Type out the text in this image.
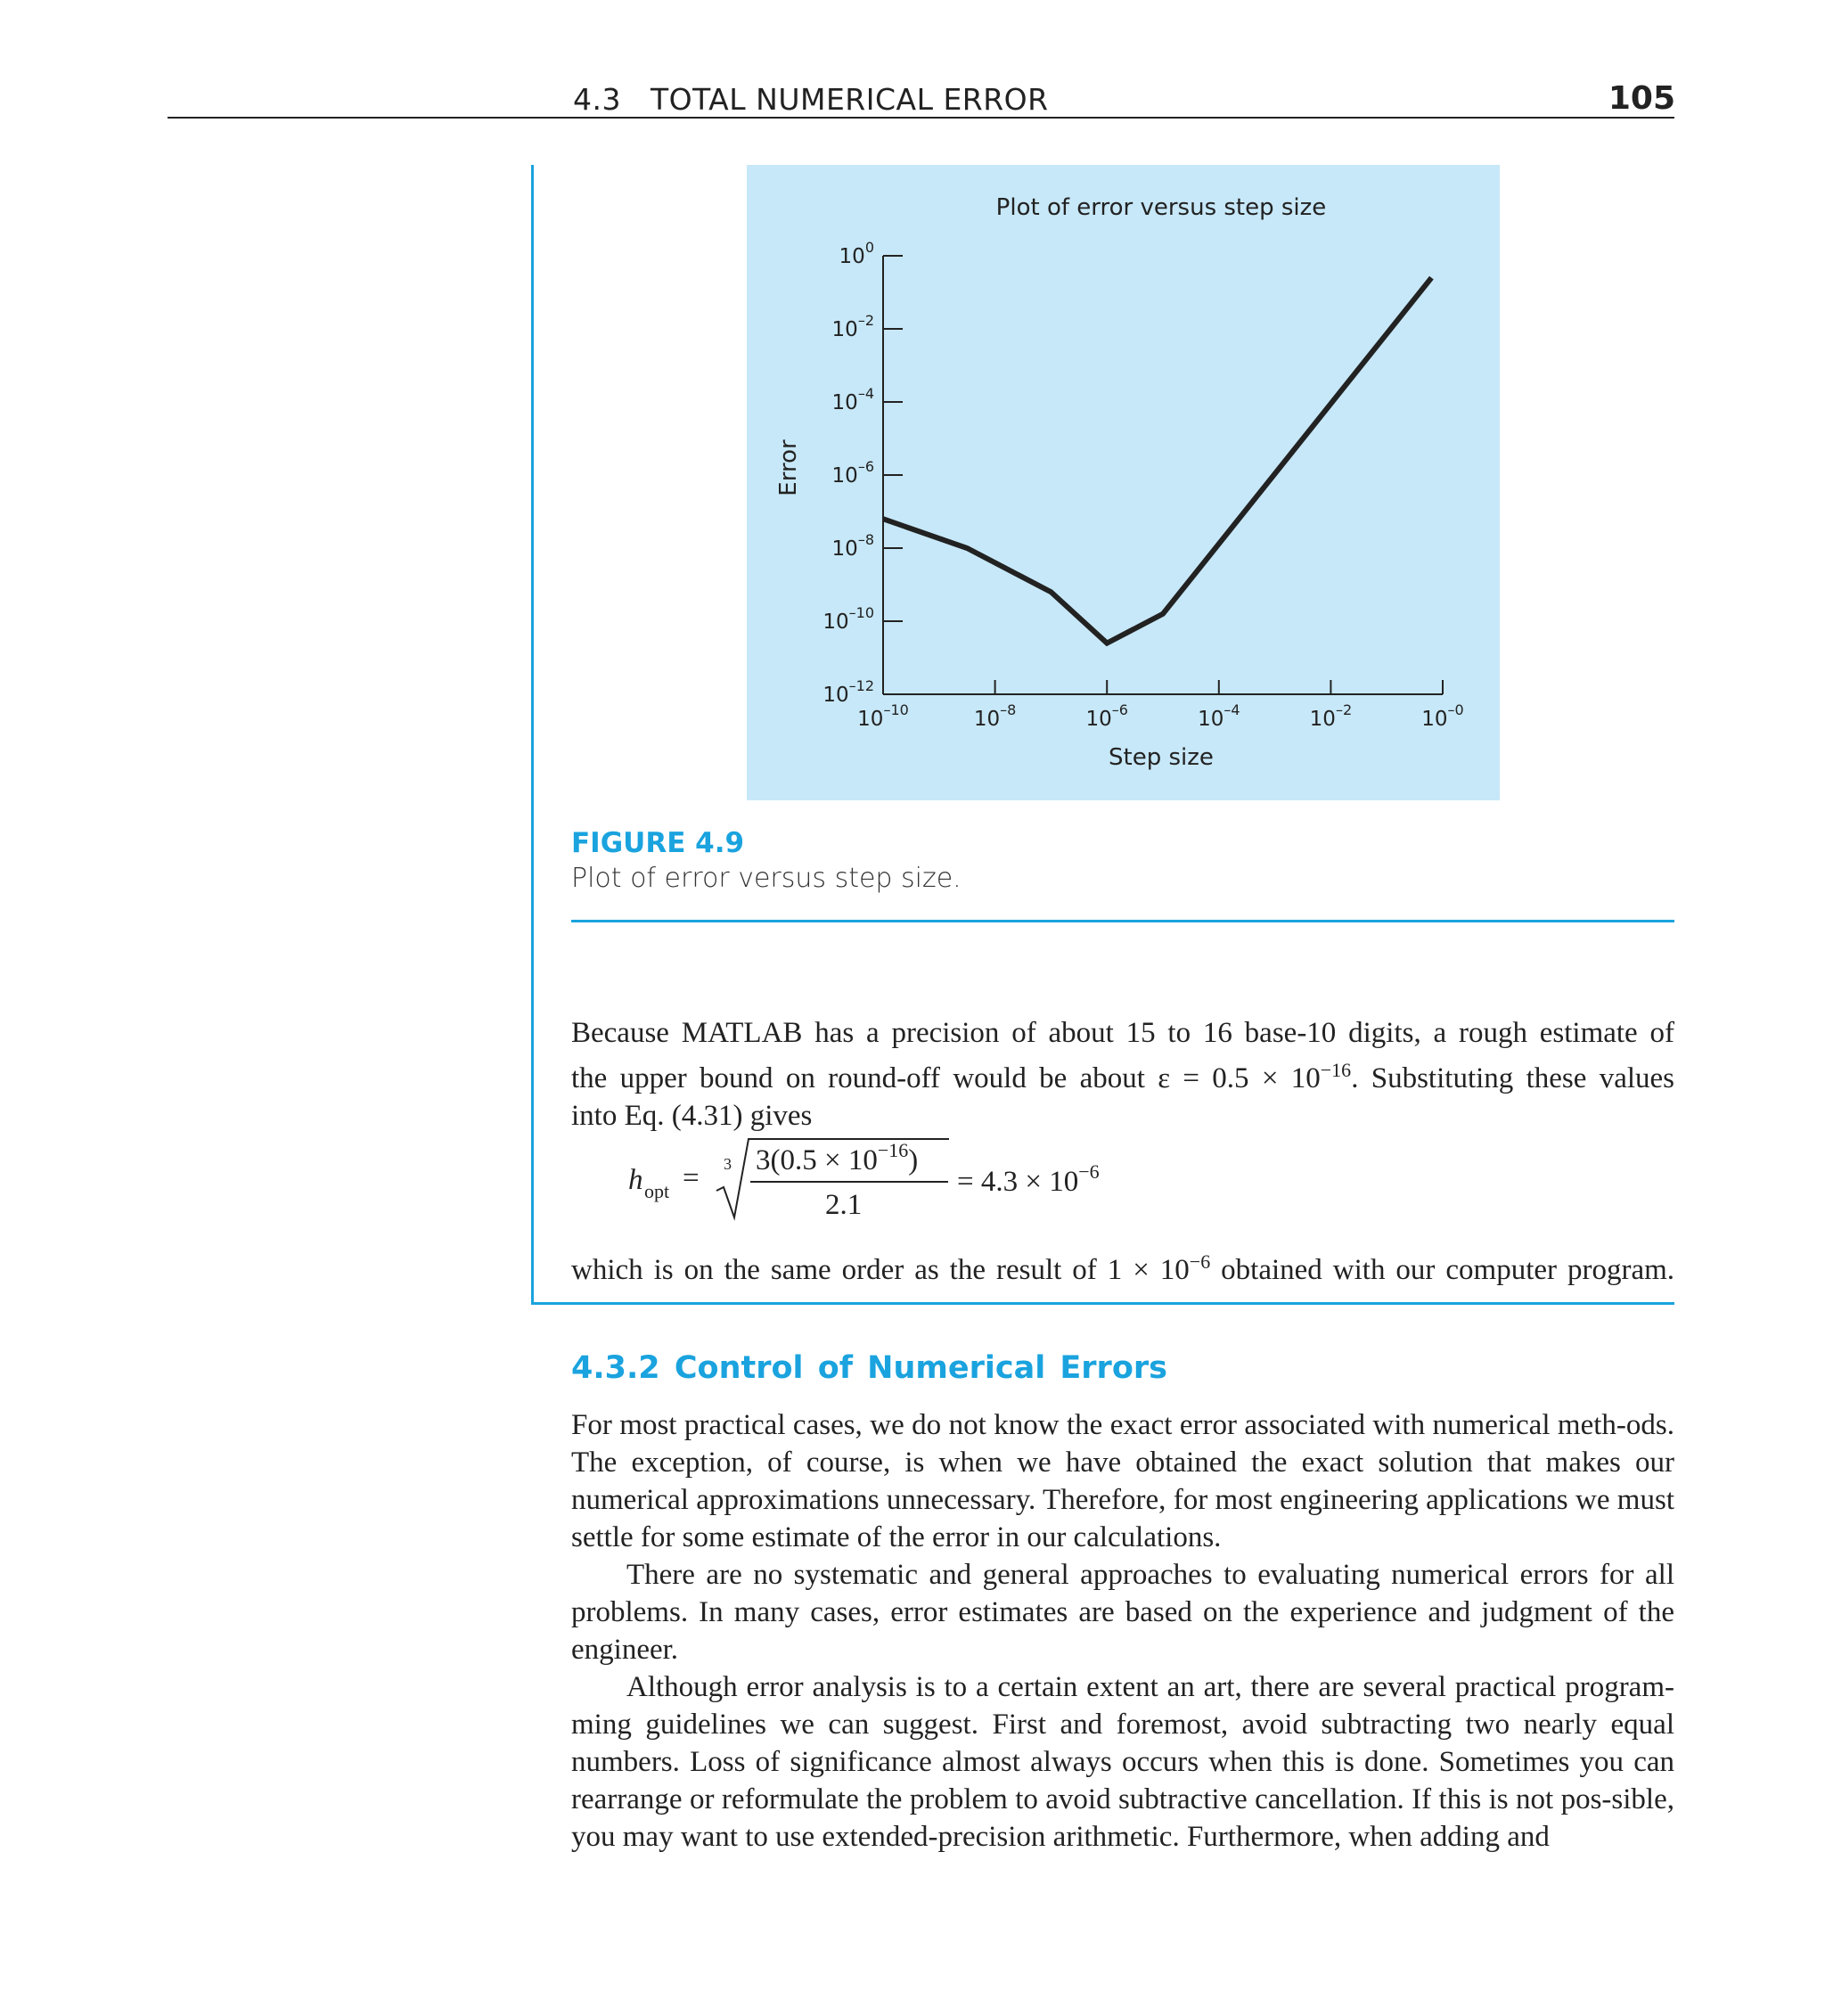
4.3   TOTAL NUMERICAL ERROR	105
Plot of error versus step size
Error
Step size
$10^0$
$10^{-2}$
$10^{-4}$
$10^{-6}$
$10^{-8}$
$10^{-10}$
$10^{-12}$
$10^{-10}$	$10^{-8}$	$10^{-6}$	$10^{-4}$	$10^{-2}$	$10^{-0}$
FIGURE 4.9
Plot of error versus step size.
Because MATLAB has a precision of about 15 to 16 base-10 digits, a rough estimate of
the upper bound on round-off would be about $\varepsilon = 0.5 \times 10^{-16}$. Substituting these values
into Eq. (4.31) gives
h opt = 3 $3(0.5 \times 10^{-16})$
2.1
= $4.3 \times 10^{-6}$
which is on the same order as the result of $1 \times 10^{-6}$ obtained with our computer program.
4.3.2 Control of Numerical Errors
For most practical cases, we do not know the exact error associated with numerical meth-ods. The exception, of course, is when we have obtained the exact solution that makes our numerical approximations unnecessary. Therefore, for most engineering applications we must settle for some estimate of the error in our calculations.
There are no systematic and general approaches to evaluating numerical errors for all problems. In many cases, error estimates are based on the experience and judgment of the engineer.
Although error analysis is to a certain extent an art, there are several practical program-ming guidelines we can suggest. First and foremost, avoid subtracting two nearly equal numbers. Loss of significance almost always occurs when this is done. Sometimes you can rearrange or reformulate the problem to avoid subtractive cancellation. If this is not pos-sible, you may want to use extended-precision arithmetic. Furthermore, when adding and
